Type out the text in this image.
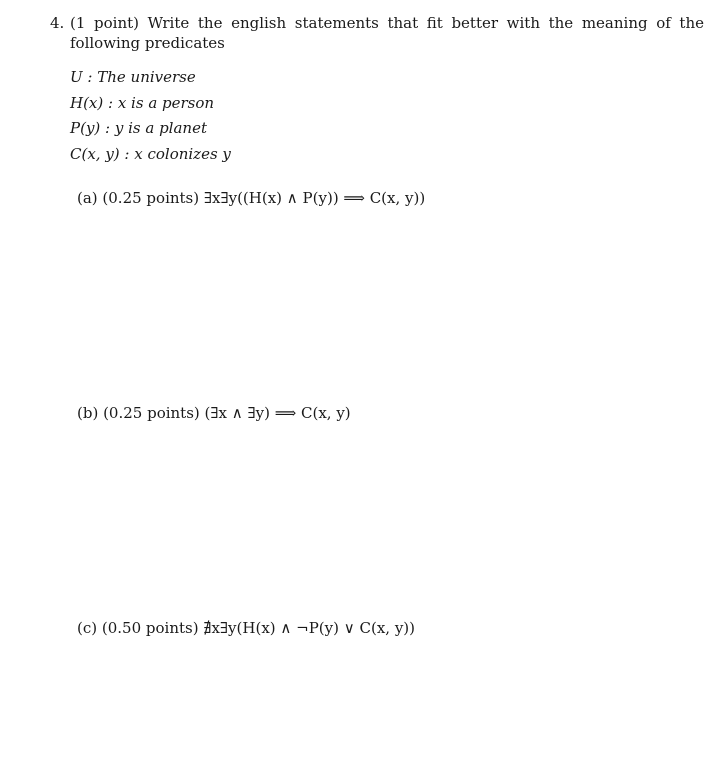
4. (1 point) Write the english statements that fit better with the meaning of the following predicates
U : The universe
H(x) : x is a person
P(y) : y is a planet
C(x, y) : x colonizes y
(a) (0.25 points) ∃x∃y((H(x) ∧ P(y)) ⟹ C(x, y))
(b) (0.25 points) (∃x ∧ ∃y) ⟹ C(x, y)
(c) (0.50 points) ∄x∃y(H(x) ∧ ¬P(y) ∨ C(x, y))
